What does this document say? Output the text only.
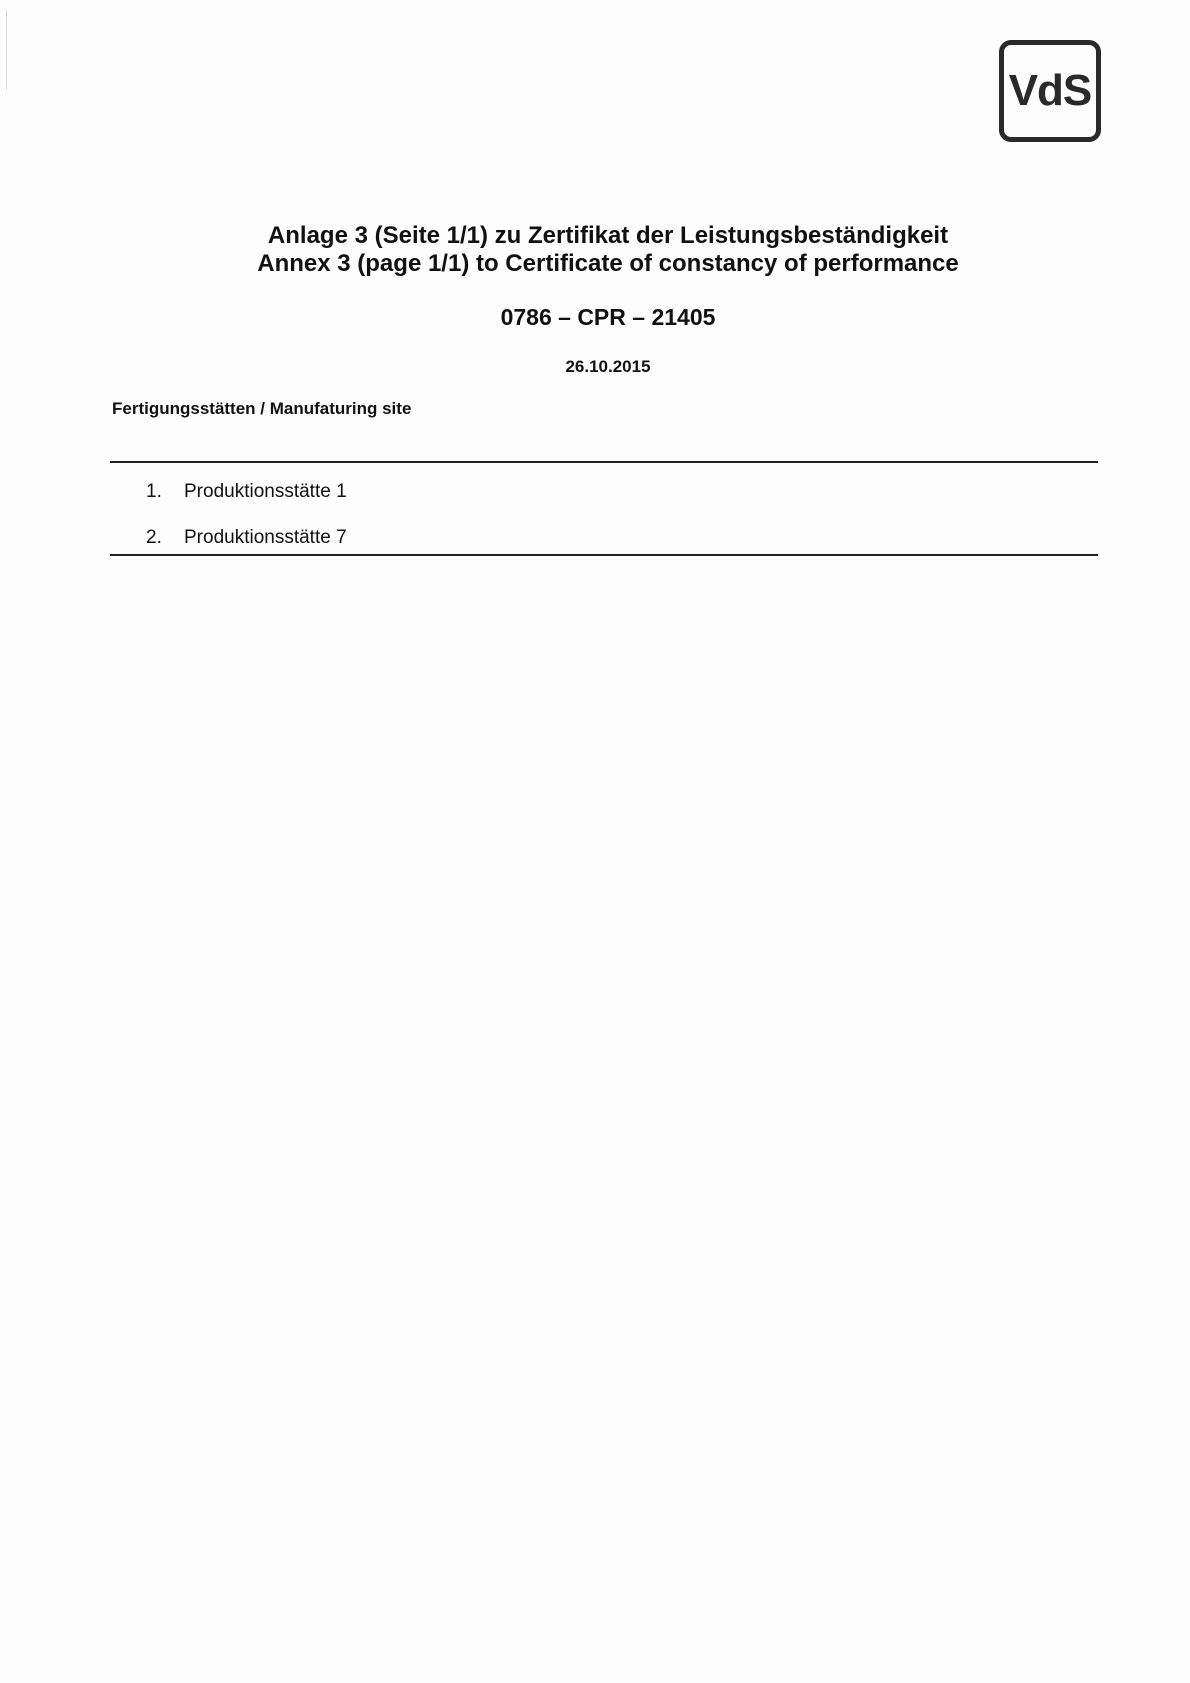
VdS

Anlage 3 (Seite 1/1) zu Zertifikat der Leistungsbeständigkeit

Annex 3 (page 1/1) to Certificate of constancy of performance

0786 – CPR – 21405
26.10.2015
Fertigungsstätten / Manufaturing site
1.	Produktionsstätte 1
2.	Produktionsstätte 7
